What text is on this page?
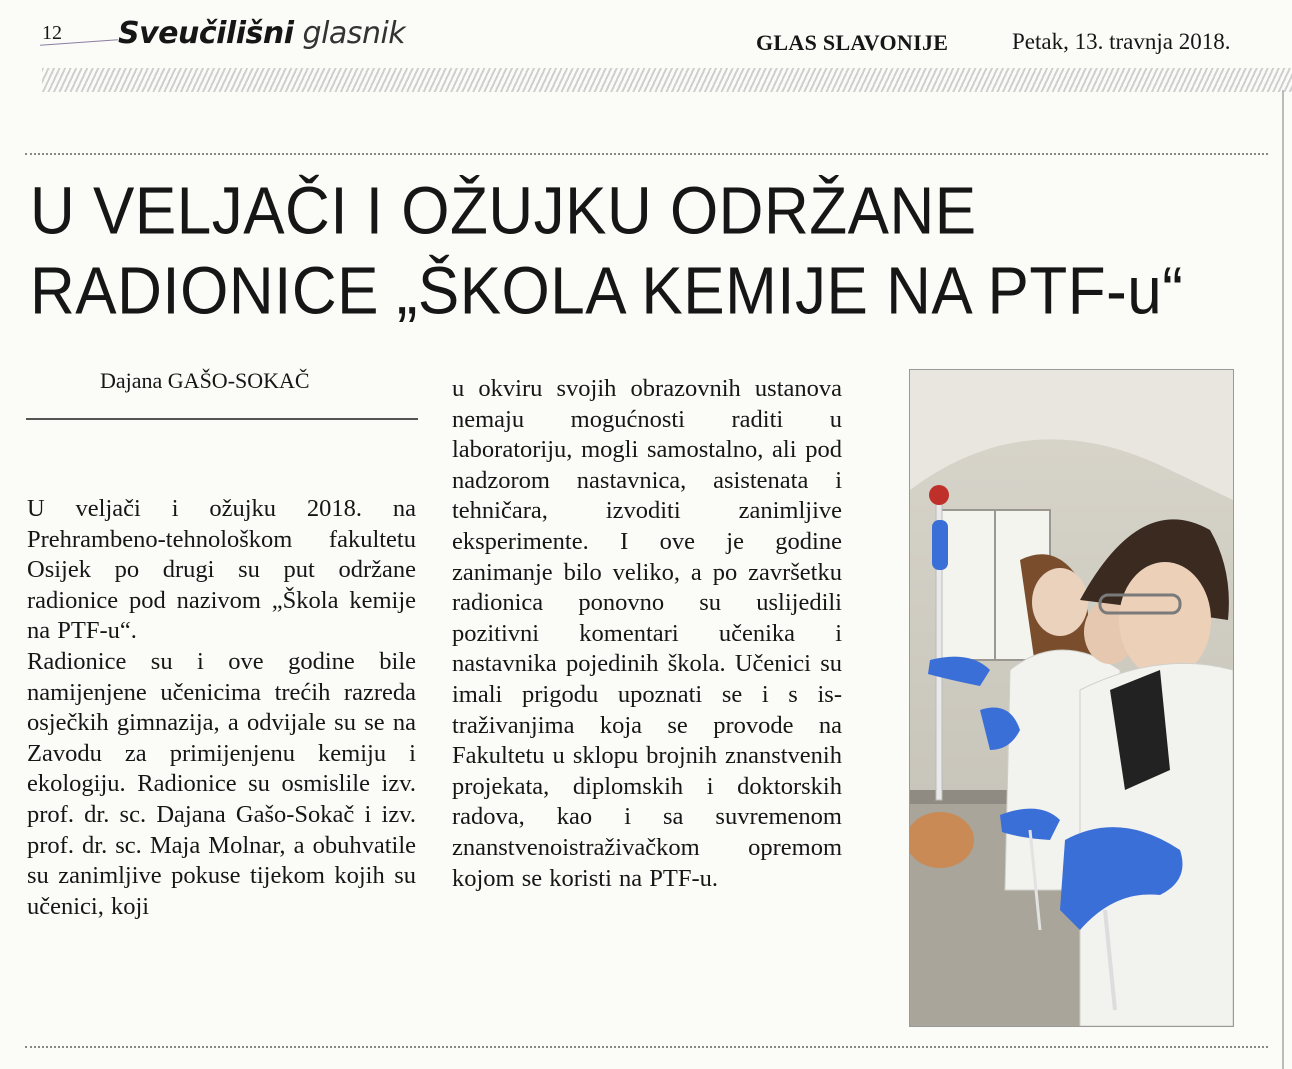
12 Sveučilišni glasnik	GLAS SLAVONIJE	Petak, 13. travnja 2018.
U VELJAČI I OŽUJKU ODRŽANE
RADIONICE „ŠKOLA KEMIJE NA PTF-u“
Dajana GAŠO-SOKAČ

U veljači i ožujku 2018. na Prehrambeno-tehnološkom fakultetu Osijek po drugi su put održane radionice pod nazivom „Škola kemije na PTF-u“.

Radionice su i ove godine bile namijenjene učenicima trećih razreda osječkih gimnazija, a odvijale su se na Zavodu za primijenjenu kemiju i ekologiju. Radionice su osmislile izv. prof. dr. sc. Dajana Gašo-Sokač i izv. prof. dr. sc. Maja Molnar, a obuhvatile su zanimljive pokuse tijekom kojih su učenici, koji

u okviru svojih obrazovnih ustanova nemaju mogućnosti raditi u laboratoriju, mogli samostalno, ali pod nadzorom nastavnica, asistenata i tehničara, izvoditi zanimljive eksperimente. I ove je godine zanimanje bilo veliko, a po završetku radionica ponovno su uslijedili pozitivni komentari učenika i nastavnika pojedinih škola. Učenici su imali prigodu upoznati se i s istraživanjima koja se provode na Fakultetu u sklopu brojnih znanstvenih projekata, diplomskih i doktorskih radova, kao i sa suvremenom znanstvenoistraživačkom opremom kojom se koristi na PTF-u.
